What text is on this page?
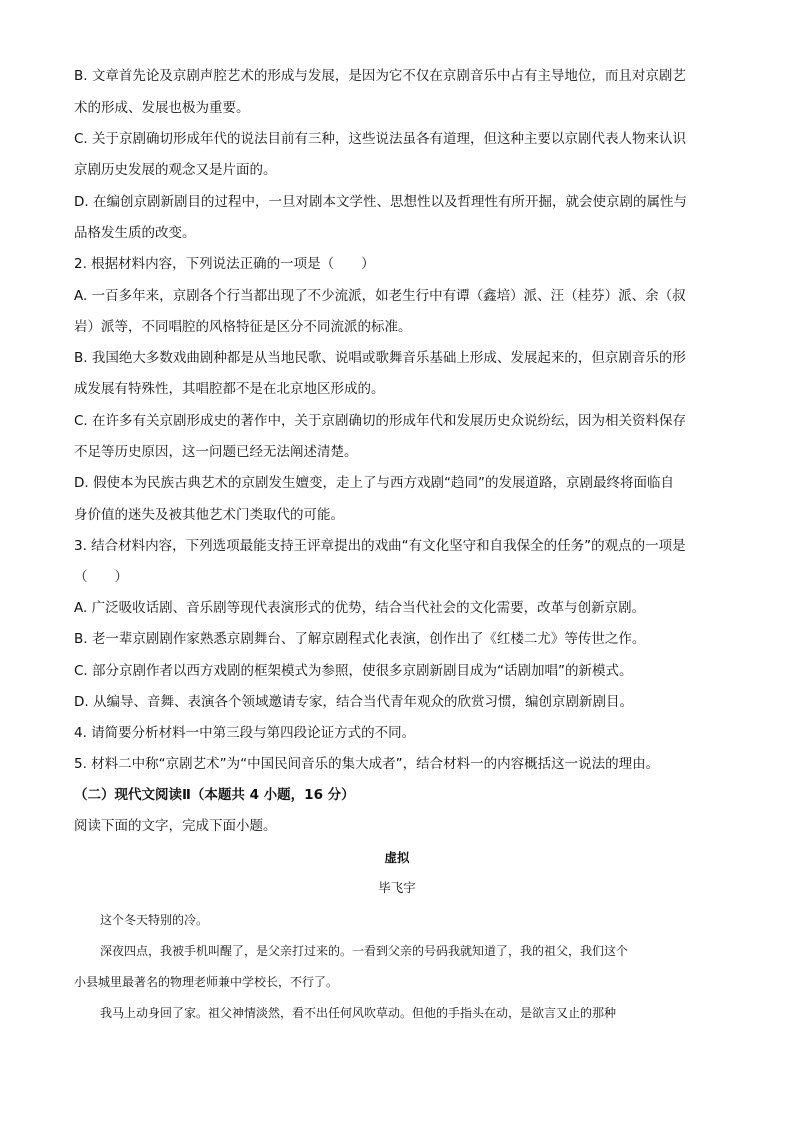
B. 文章首先论及京剧声腔艺术的形成与发展，是因为它不仅在京剧音乐中占有主导地位，而且对京剧艺
术的形成、发展也极为重要。
C. 关于京剧确切形成年代的说法目前有三种，这些说法虽各有道理，但这种主要以京剧代表人物来认识
京剧历史发展的观念又是片面的。
D. 在编创京剧新剧目的过程中，一旦对剧本文学性、思想性以及哲理性有所开掘，就会使京剧的属性与
品格发生质的改变。
2. 根据材料内容，下列说法正确的一项是（　　）
A. 一百多年来，京剧各个行当都出现了不少流派，如老生行中有谭（鑫培）派、汪（桂芬）派、余（叔
岩）派等，不同唱腔的风格特征是区分不同流派的标准。
B. 我国绝大多数戏曲剧种都是从当地民歌、说唱或歌舞音乐基础上形成、发展起来的，但京剧音乐的形
成发展有特殊性，其唱腔都不是在北京地区形成的。
C. 在许多有关京剧形成史的著作中，关于京剧确切的形成年代和发展历史众说纷纭，因为相关资料保存
不足等历史原因，这一问题已经无法阐述清楚。
D. 假使本为民族古典艺术的京剧发生嬗变，走上了与西方戏剧“趋同”的发展道路，京剧最终将面临自
身价值的迷失及被其他艺术门类取代的可能。
3. 结合材料内容，下列选项最能支持王评章提出的戏曲“有文化坚守和自我保全的任务”的观点的一项是
（　　）
A. 广泛吸收话剧、音乐剧等现代表演形式的优势，结合当代社会的文化需要，改革与创新京剧。
B. 老一辈京剧剧作家熟悉京剧舞台、了解京剧程式化表演，创作出了《红楼二尤》等传世之作。
C. 部分京剧作者以西方戏剧的框架模式为参照，使很多京剧新剧目成为“话剧加唱”的新模式。
D. 从编导、音舞、表演各个领域邀请专家，结合当代青年观众的欣赏习惯，编创京剧新剧目。
4. 请简要分析材料一中第三段与第四段论证方式的不同。
5. 材料二中称“京剧艺术”为“中国民间音乐的集大成者”，结合材料一的内容概括这一说法的理由。
（二）现代文阅读Ⅱ（本题共 4 小题，16 分）
阅读下面的文字，完成下面小题。
虚拟
毕飞宇
这个冬天特别的冷。
深夜四点，我被手机叫醒了，是父亲打过来的。一看到父亲的号码我就知道了，我的祖父，我们这个
小县城里最著名的物理老师兼中学校长，不行了。
我马上动身回了家。祖父神情淡然，看不出任何风吹草动。但他的手指头在动，是欲言又止的那种
